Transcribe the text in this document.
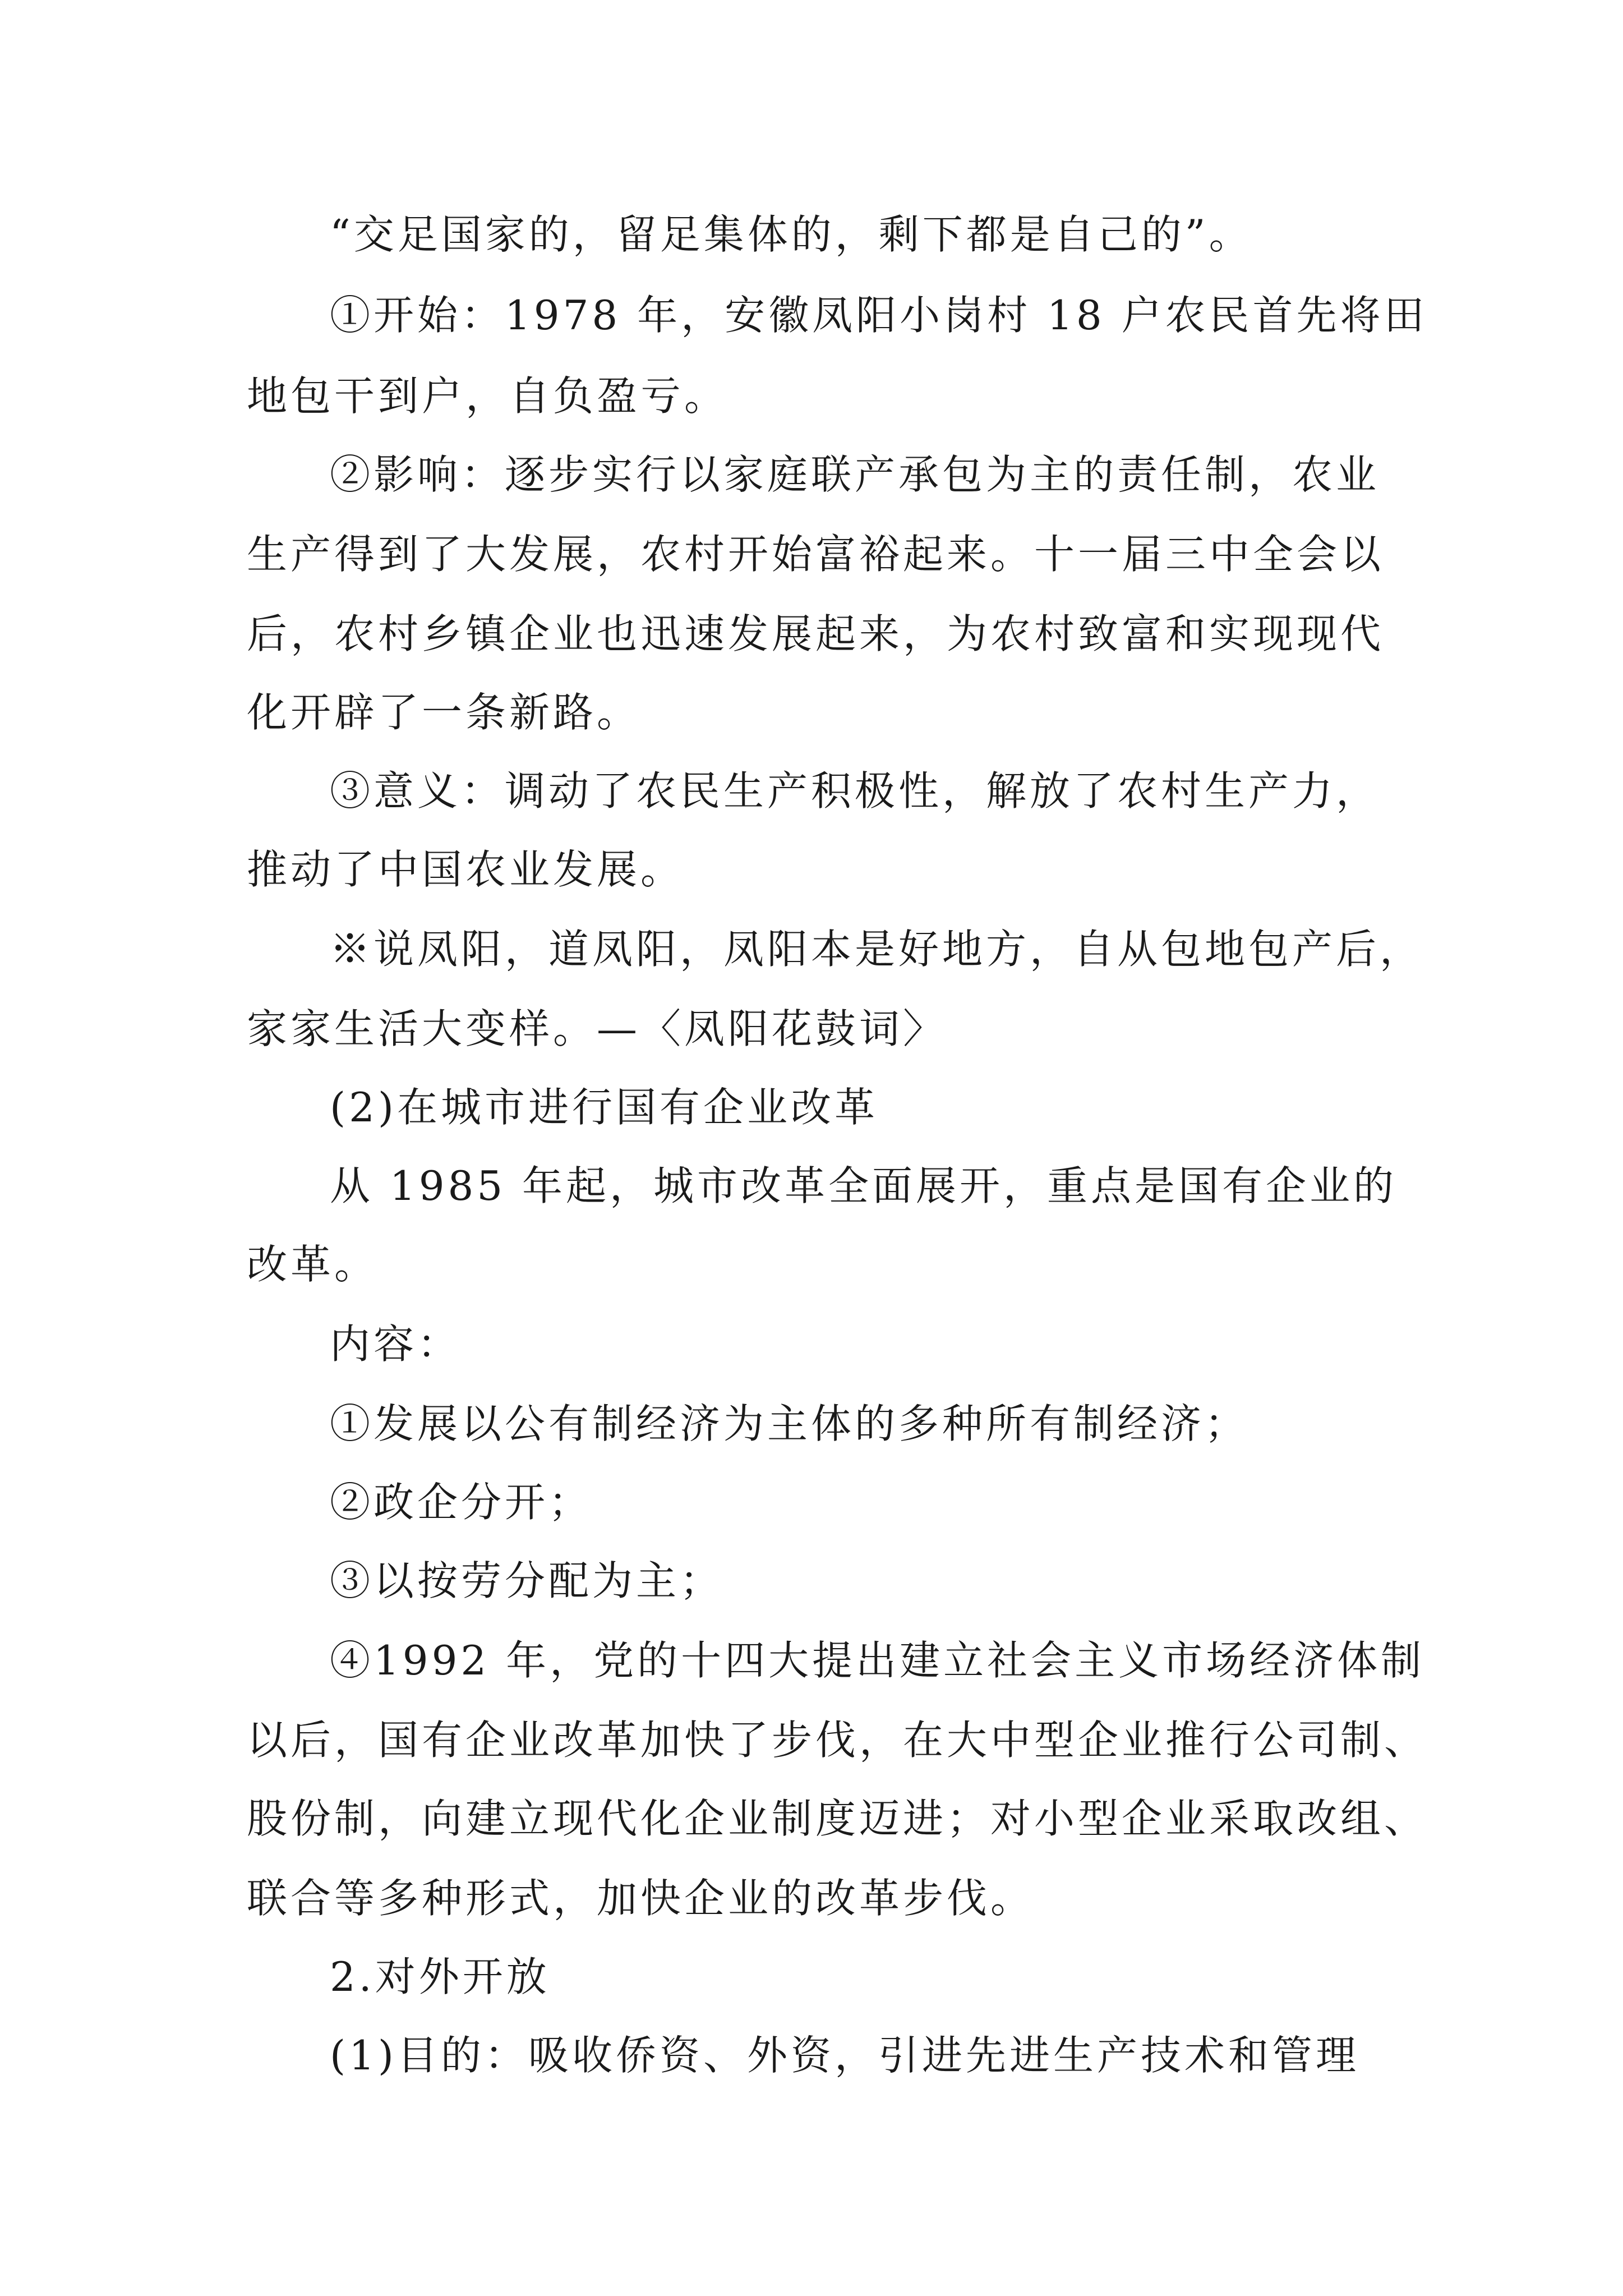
“交足国家的，留足集体的，剩下都是自己的”。
①开始：1978 年，安徽凤阳小岗村 18 户农民首先将田
地包干到户，自负盈亏。
②影响：逐步实行以家庭联产承包为主的责任制，农业
生产得到了大发展，农村开始富裕起来。十一届三中全会以
后，农村乡镇企业也迅速发展起来，为农村致富和实现现代
化开辟了一条新路。
③意义：调动了农民生产积极性，解放了农村生产力，
推动了中国农业发展。
※说凤阳，道凤阳，凤阳本是好地方，自从包地包产后，
家家生活大变样。—〈凤阳花鼓词〉
(2)在城市进行国有企业改革
从 1985 年起，城市改革全面展开，重点是国有企业的
改革。
内容：
①发展以公有制经济为主体的多种所有制经济；
②政企分开；
③以按劳分配为主；
④1992 年，党的十四大提出建立社会主义市场经济体制
以后，国有企业改革加快了步伐，在大中型企业推行公司制、
股份制，向建立现代化企业制度迈进；对小型企业采取改组、
联合等多种形式，加快企业的改革步伐。
2.对外开放
(1)目的：吸收侨资、外资，引进先进生产技术和管理
